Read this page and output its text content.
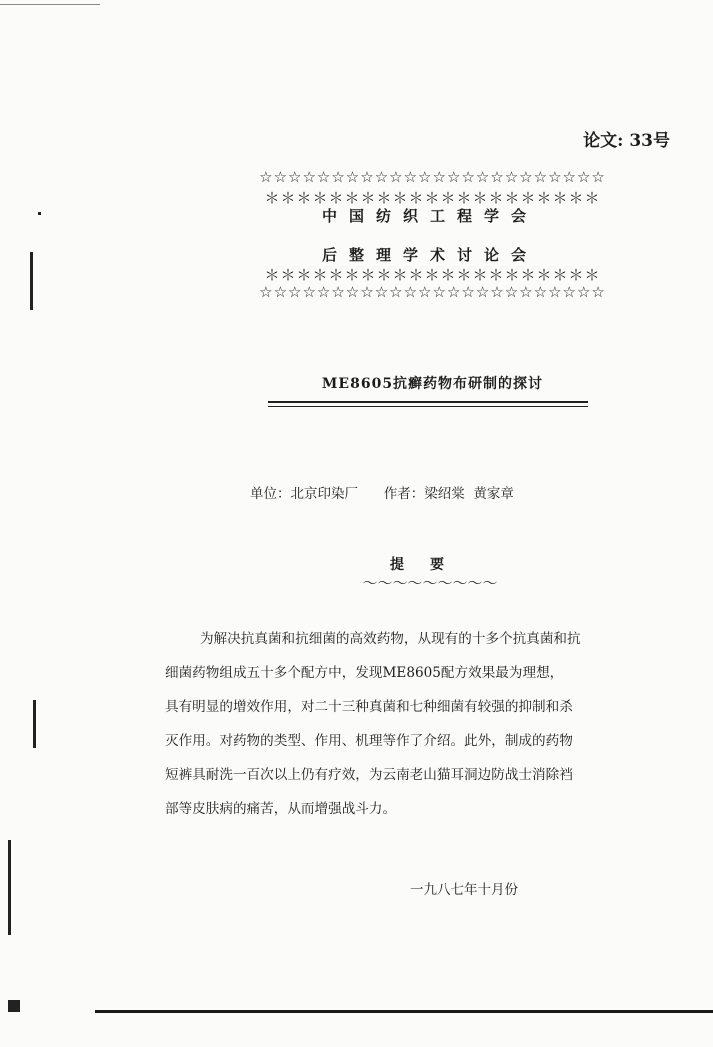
论文: 33号
☆☆☆☆☆☆☆☆☆☆☆☆☆☆☆☆☆☆☆☆☆☆☆☆
＊＊＊＊＊＊＊＊＊＊＊＊＊＊＊＊＊＊＊＊＊
中国纺织工程学会
后整理学术讨论会
＊＊＊＊＊＊＊＊＊＊＊＊＊＊＊＊＊＊＊＊＊
☆☆☆☆☆☆☆☆☆☆☆☆☆☆☆☆☆☆☆☆☆☆☆☆
ME8605抗癣药物布研制的探讨
单位：北京印染厂      作者：梁绍棠  黄家章
提要
～～～～～～～～～
为解决抗真菌和抗细菌的高效药物，从现有的十多个抗真菌和抗
细菌药物组成五十多个配方中，发现ME8605配方效果最为理想，
具有明显的增效作用，对二十三种真菌和七种细菌有较强的抑制和杀
灭作用。对药物的类型、作用、机理等作了介绍。此外，制成的药物
短裤具耐洗一百次以上仍有疗效，为云南老山猫耳洞边防战士消除裆
部等皮肤病的痛苦，从而增强战斗力。
一九八七年十月份
